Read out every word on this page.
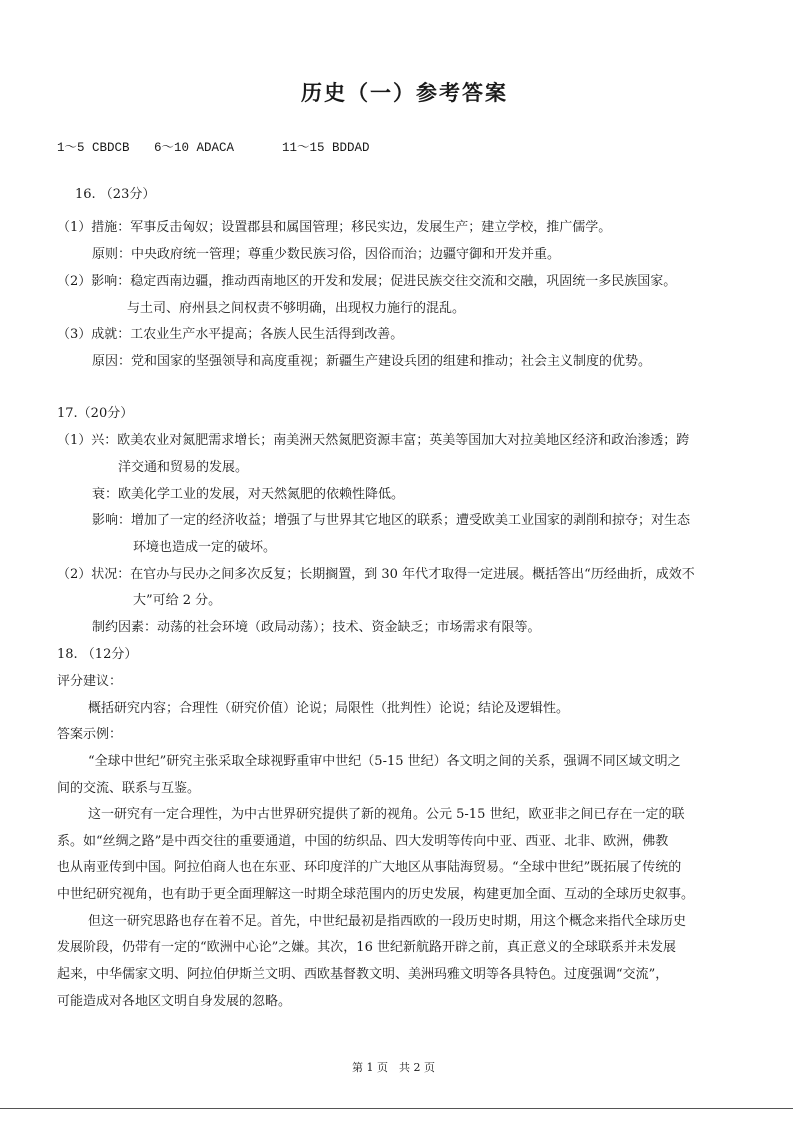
历史（一）参考答案
1～5 CBDCB 6～10 ADACA	11～15 BDDAD
16. （23分）
（1）措施：军事反击匈奴；设置郡县和属国管理；移民实边，发展生产；建立学校，推广儒学。
原则：中央政府统一管理；尊重少数民族习俗，因俗而治；边疆守御和开发并重。
（2）影响：稳定西南边疆，推动西南地区的开发和发展；促进民族交往交流和交融，巩固统一多民族国家。
与土司、府州县之间权责不够明确，出现权力施行的混乱。
（3）成就：工农业生产水平提高；各族人民生活得到改善。
原因：党和国家的坚强领导和高度重视；新疆生产建设兵团的组建和推动；社会主义制度的优势。
17.（20分）
（1）兴：欧美农业对氮肥需求增长；南美洲天然氮肥资源丰富；英美等国加大对拉美地区经济和政治渗透；跨
洋交通和贸易的发展。
衰：欧美化学工业的发展，对天然氮肥的依赖性降低。
影响：增加了一定的经济收益；增强了与世界其它地区的联系；遭受欧美工业国家的剥削和掠夺；对生态
环境也造成一定的破坏。
（2）状况：在官办与民办之间多次反复；长期搁置，到 30 年代才取得一定进展。概括答出“历经曲折，成效不
大”可给 2 分。
制约因素：动荡的社会环境（政局动荡）；技术、资金缺乏；市场需求有限等。
18. （12分）
评分建议：
概括研究内容；合理性（研究价值）论说；局限性（批判性）论说；结论及逻辑性。
答案示例：
“全球中世纪”研究主张采取全球视野重审中世纪（5-15 世纪）各文明之间的关系，强调不同区域文明之
间的交流、联系与互鉴。
这一研究有一定合理性，为中古世界研究提供了新的视角。公元 5-15 世纪，欧亚非之间已存在一定的联
系。如“丝绸之路”是中西交往的重要通道，中国的纺织品、四大发明等传向中亚、西亚、北非、欧洲，佛教
也从南亚传到中国。阿拉伯商人也在东亚、环印度洋的广大地区从事陆海贸易。“全球中世纪”既拓展了传统的
中世纪研究视角，也有助于更全面理解这一时期全球范围内的历史发展，构建更加全面、互动的全球历史叙事。
但这一研究思路也存在着不足。首先，中世纪最初是指西欧的一段历史时期，用这个概念来指代全球历史
发展阶段，仍带有一定的“欧洲中心论”之嫌。其次，16 世纪新航路开辟之前，真正意义的全球联系并未发展
起来，中华儒家文明、阿拉伯伊斯兰文明、西欧基督教文明、美洲玛雅文明等各具特色。过度强调“交流”，
可能造成对各地区文明自身发展的忽略。
第 1 页　共 2 页
